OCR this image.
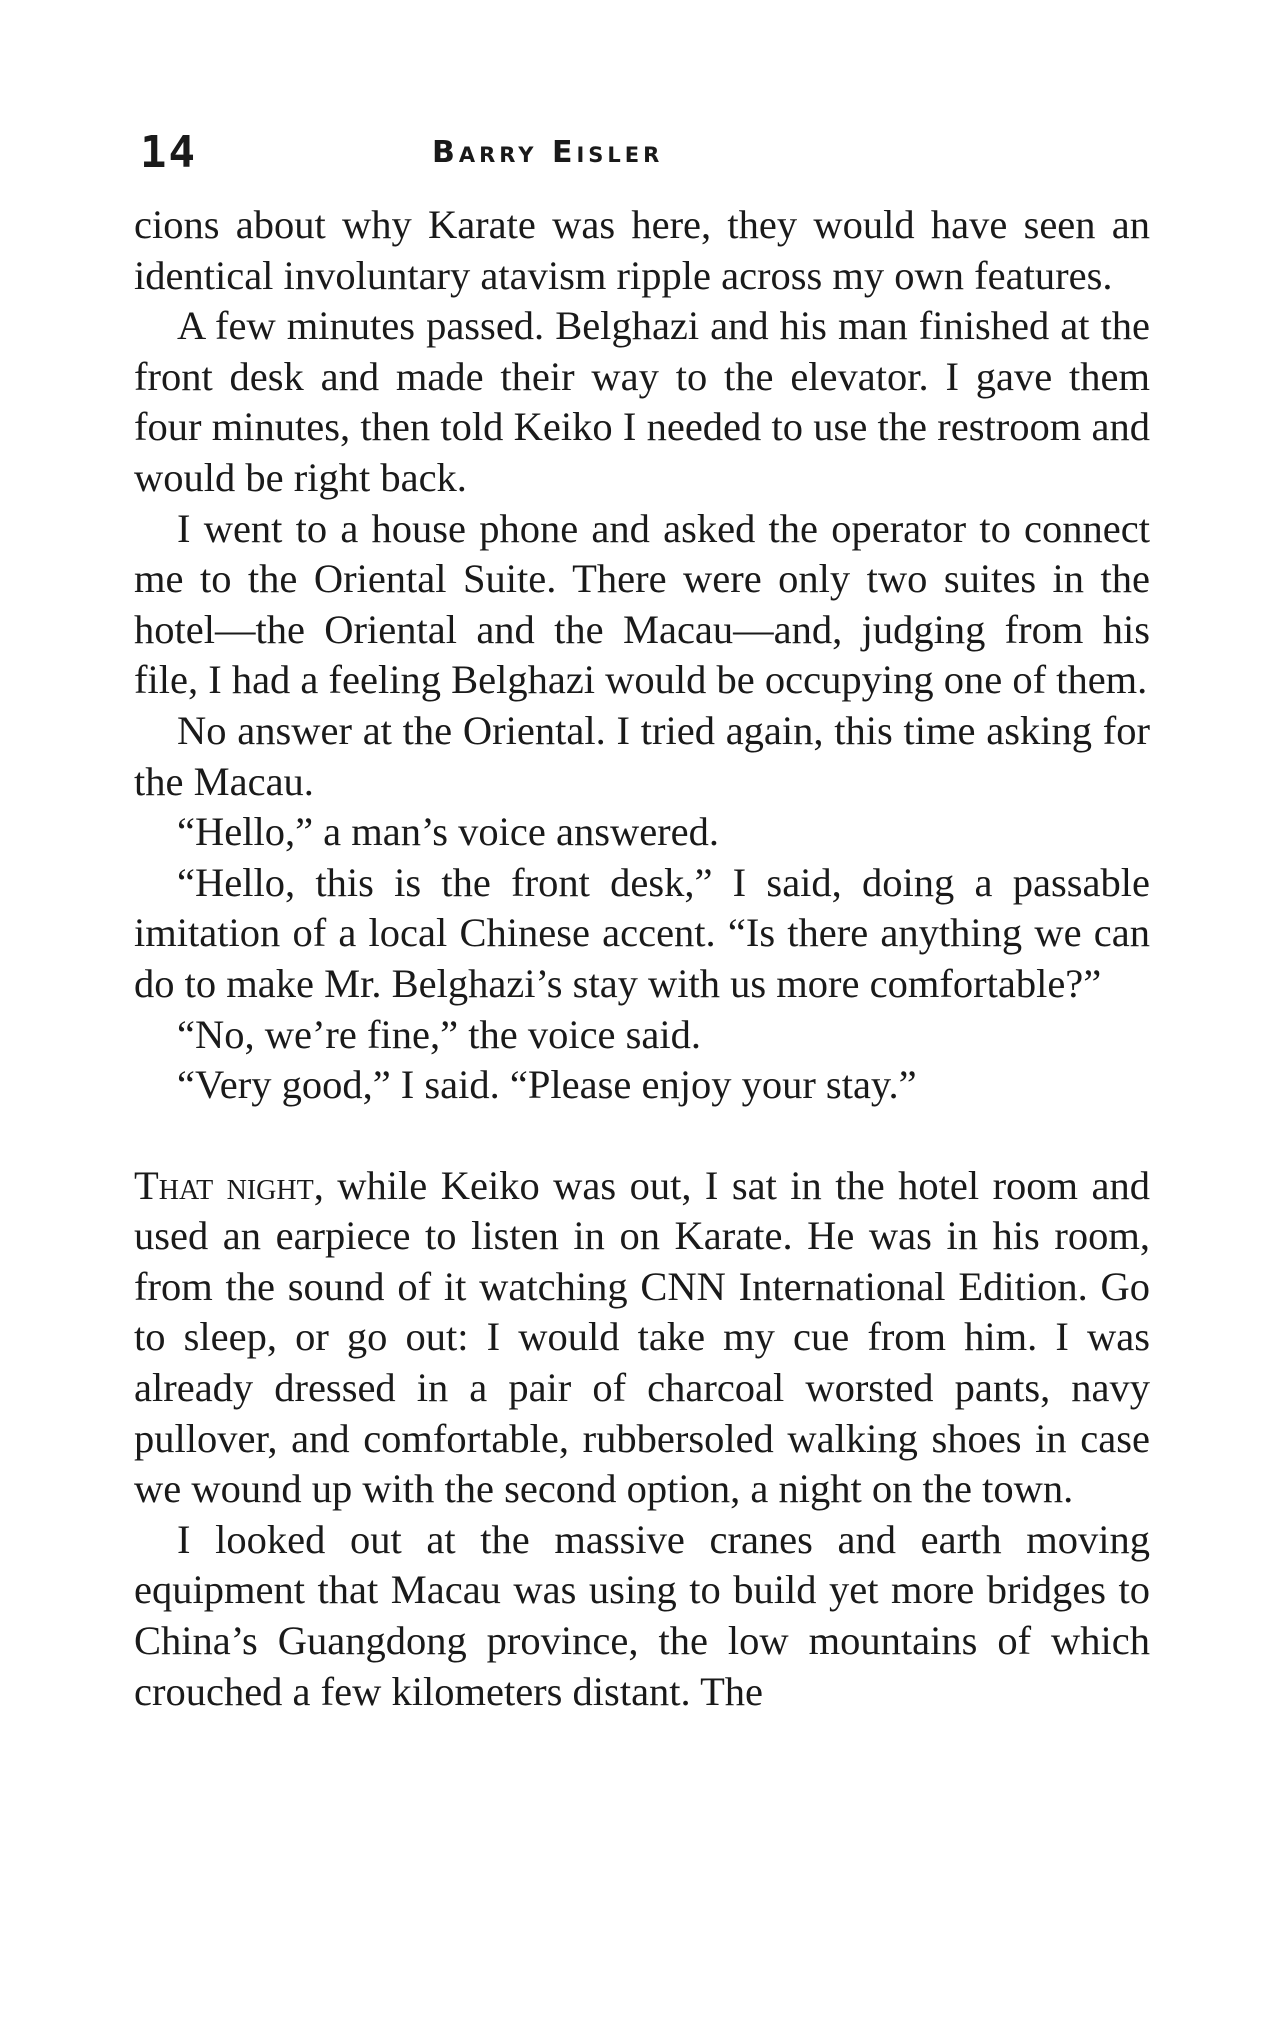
14	Barry Eisler

cions about why Karate was here, they would have seen an identical involuntary atavism ripple across my own features.

A few minutes passed. Belghazi and his man finished at the front desk and made their way to the elevator. I gave them four minutes, then told Keiko I needed to use the restroom and would be right back.

I went to a house phone and asked the operator to connect me to the Oriental Suite. There were only two suites in the hotel—the Oriental and the Macau—and, judging from his file, I had a feeling Belghazi would be occupying one of them.

No answer at the Oriental. I tried again, this time asking for the Macau.

“Hello,” a man’s voice answered.

“Hello, this is the front desk,” I said, doing a passable imitation of a local Chinese accent. “Is there anything we can do to make Mr. Belghazi’s stay with us more comfortable?”

“No, we’re fine,” the voice said.

“Very good,” I said. “Please enjoy your stay.”

That night, while Keiko was out, I sat in the hotel room and used an earpiece to listen in on Karate. He was in his room, from the sound of it watching CNN International Edition. Go to sleep, or go out: I would take my cue from him. I was already dressed in a pair of charcoal worsted pants, navy pullover, and comfortable, rubbersoled walking shoes in case we wound up with the second option, a night on the town.

I looked out at the massive cranes and earth moving equipment that Macau was using to build yet more bridges to China’s Guangdong province, the low mountains of which crouched a few kilometers distant. The
